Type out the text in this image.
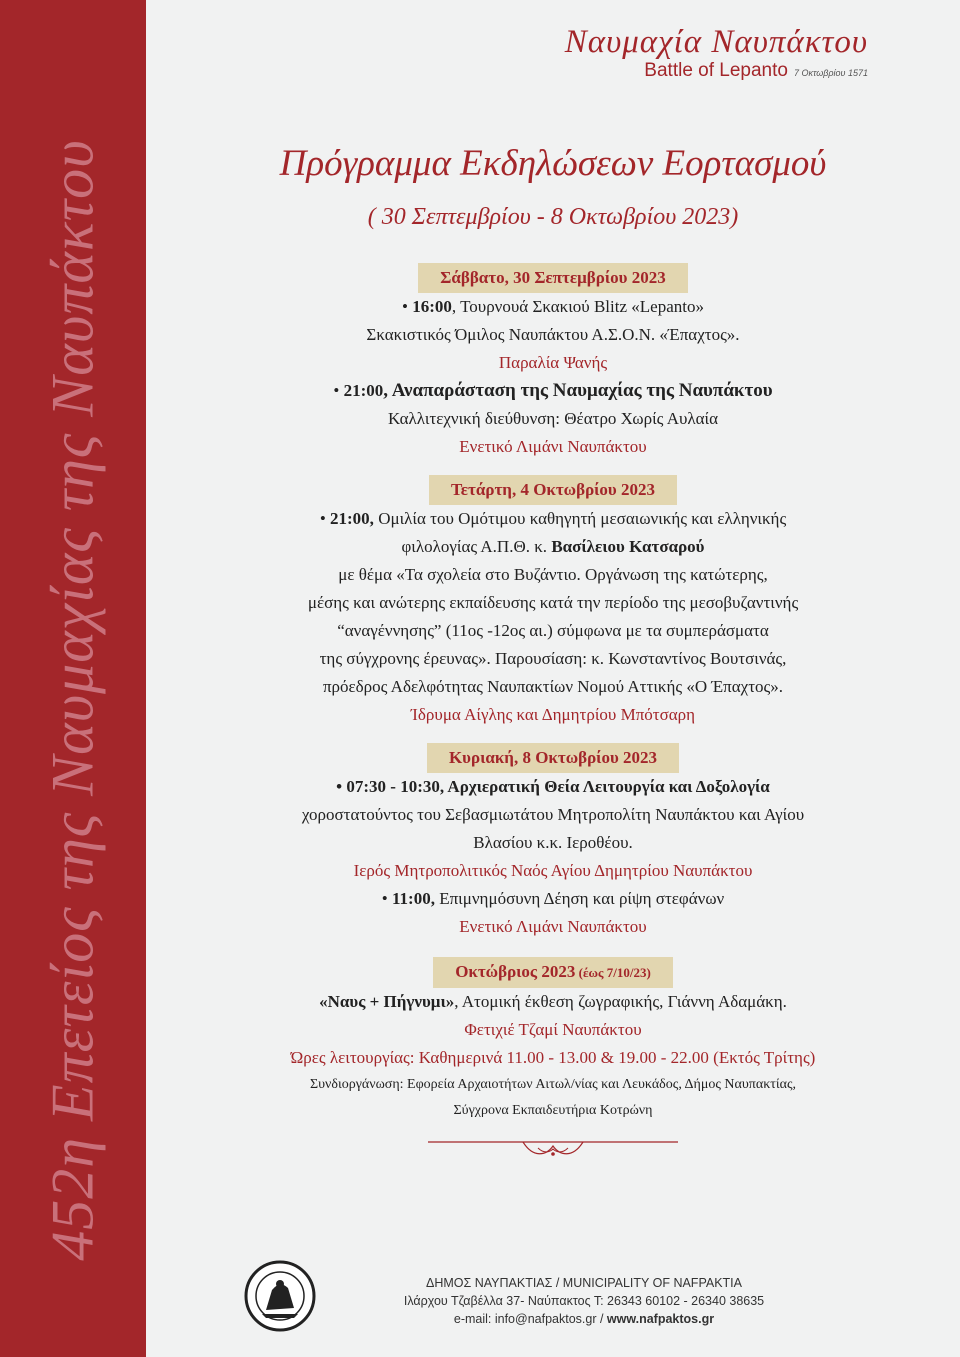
452η Επετείος της Ναυμαχίας της Ναυπάκτου
Ναυμαχία Ναυπάκτου
Battle of Lepanto 7 Οκτωβρίου 1571
Πρόγραμμα Εκδηλώσεων Εορτασμού
( 30 Σεπτεμβρίου - 8 Οκτωβρίου 2023)
Σάββατο, 30 Σεπτεμβρίου 2023
• 16:00, Τουρνουά Σκακιού Blitz «Lepanto»
Σκακιστικός Όμιλος Ναυπάκτου Α.Σ.Ο.Ν. «Έπαχτος».
Παραλία Ψανής
• 21:00, Αναπαράσταση της Ναυμαχίας της Ναυπάκτου
Καλλιτεχνική διεύθυνση: Θέατρο Χωρίς Αυλαία
Ενετικό Λιμάνι Ναυπάκτου
Τετάρτη, 4 Οκτωβρίου 2023
• 21:00, Ομιλία του Ομότιμου καθηγητή μεσαιωνικής και ελληνικής
φιλολογίας Α.Π.Θ. κ. Βασίλειου Κατσαρού
με θέμα «Τα σχολεία στο Βυζάντιο. Οργάνωση της κατώτερης,
μέσης και ανώτερης εκπαίδευσης κατά την περίοδο της μεσοβυζαντινής
“αναγέννησης” (11ος -12ος αι.) σύμφωνα με τα συμπεράσματα
της σύγχρονης έρευνας». Παρουσίαση: κ. Κωνσταντίνος Βουτσινάς,
πρόεδρος Αδελφότητας Ναυπακτίων Νομού Αττικής «Ο Έπαχτος».
Ίδρυμα Αίγλης και Δημητρίου Μπότσαρη
Κυριακή, 8 Οκτωβρίου 2023
• 07:30 - 10:30, Αρχιερατική Θεία Λειτουργία και Δοξολογία
χοροστατούντος του Σεβασμιωτάτου Μητροπολίτη Ναυπάκτου και Αγίου
Βλασίου κ.κ. Ιεροθέου.
Ιερός Μητροπολιτικός Ναός Αγίου Δημητρίου Ναυπάκτου
• 11:00, Επιμνημόσυνη Δέηση και ρίψη στεφάνων
Ενετικό Λιμάνι Ναυπάκτου
Οκτώβριος 2023 (έως 7/10/23)
«Ναυς + Πήγνυμι», Ατομική έκθεση ζωγραφικής, Γιάννη Αδαμάκη.
Φετιχιέ Τζαμί Ναυπάκτου
Ώρες λειτουργίας: Καθημερινά 11.00 - 13.00 & 19.00 - 22.00 (Εκτός Τρίτης)
Συνδιοργάνωση: Εφορεία Αρχαιοτήτων Αιτωλ/νίας και Λευκάδος, Δήμος Ναυπακτίας,
Σύγχρονα Εκπαιδευτήρια Κοτρώνη
ΔΗΜΟΣ ΝΑΥΠΑΚΤΙΑΣ / MUNICIPALITY OF NAFPAKTIA
Ιλάρχου Τζαβέλλα 37- Ναύπακτος Τ: 26343 60102 - 26340 38635
e-mail: info@nafpaktos.gr / www.nafpaktos.gr
